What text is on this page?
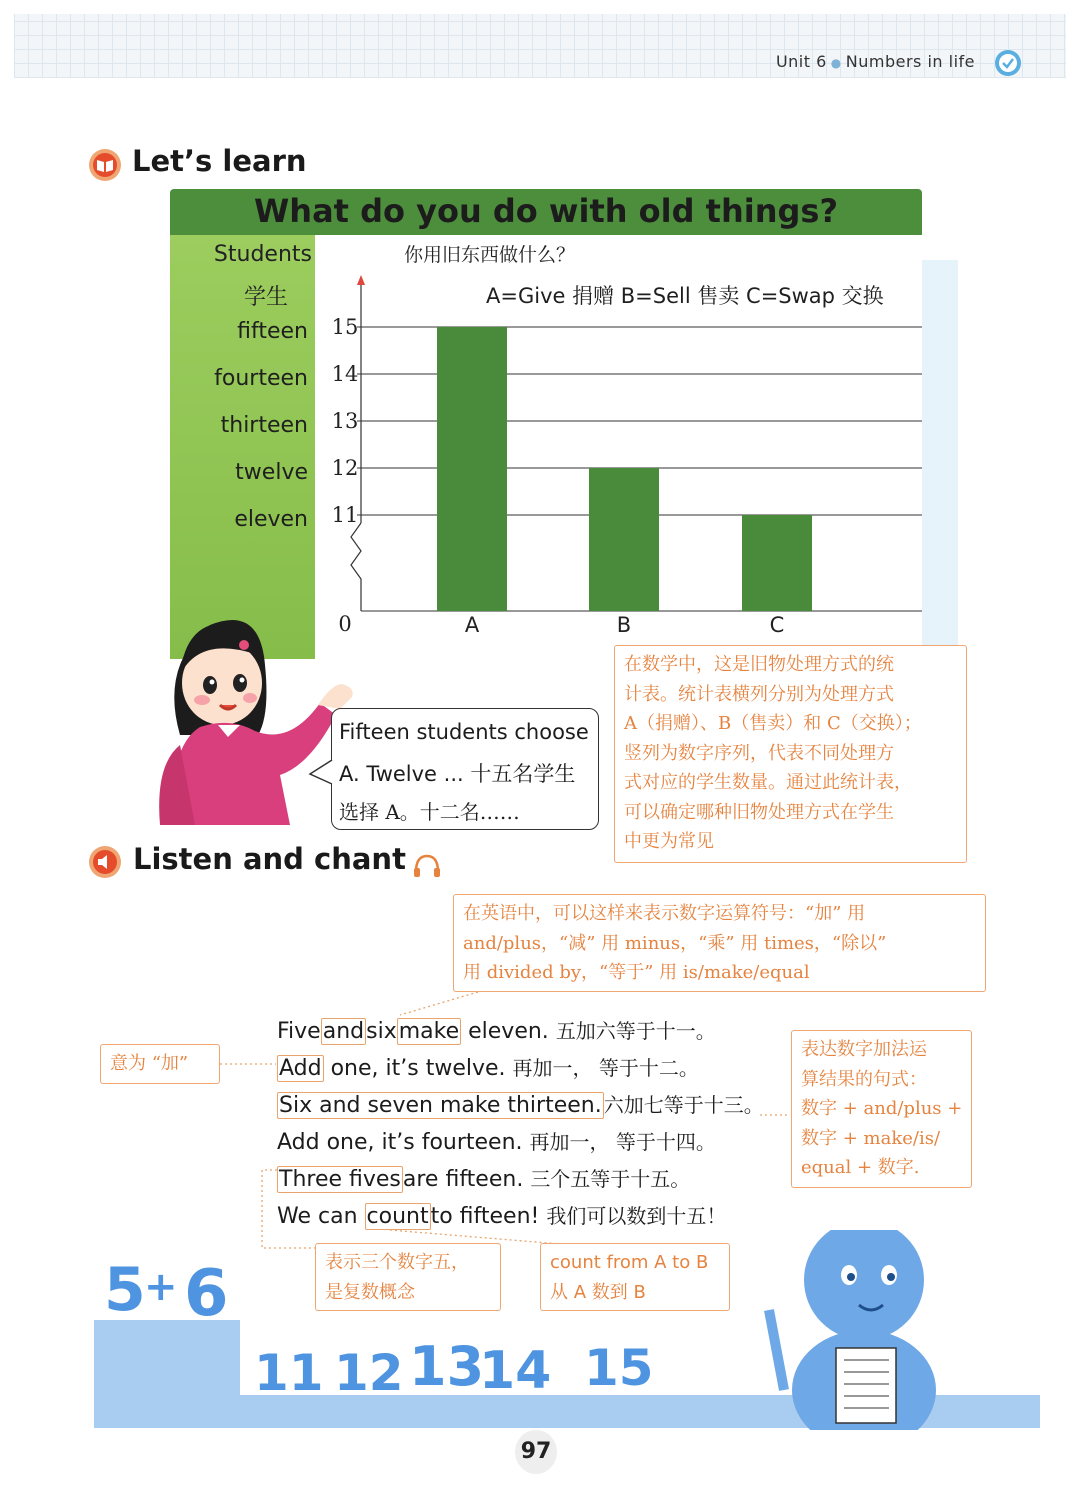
Unit 6 ● Numbers in life
Let’s learn
What do you do with old things?
Students
学生
你用旧东西做什么？
A=Give 捐赠 B=Sell 售卖 C=Swap 交换
fifteen
fourteen
thirteen
twelve
eleven
15
14
13
12
11
0	A	B	C
Fifteen students choose
A. Twelve ... 十五名学生
选择 A。十二名……
在数学中，这是旧物处理方式的统
计表。统计表横列分别为处理方式
A（捐赠）、B（售卖）和 C（交换）；
竖列为数字序列，代表不同处理方
式对应的学生数量。通过此统计表，
可以确定哪种旧物处理方式在学生
中更为常见
Listen and chant
在英语中，可以这样来表示数字运算符号：“加” 用
and/plus，“减” 用 minus，“乘” 用 times，“除以”
用 divided by，“等于” 用 is/make/equal
意为 “加”
Fiveandsixmake eleven. 五加六等于十一。
Add one, it’s twelve. 再加一， 等于十二。
Six and seven make thirteen. 六加七等于十三。
Add one, it’s fourteen. 再加一， 等于十四。
Three fivesare fifteen. 三个五等于十五。
We can countto fifteen! 我们可以数到十五！
表达数字加法运
算结果的句式：
数字 + and/plus +
数字 + make/is/
equal + 数字.
5
+ 6
11 12 13
14 15
表示三个数字五，
是复数概念
count from A to B
从 A 数到 B
97
